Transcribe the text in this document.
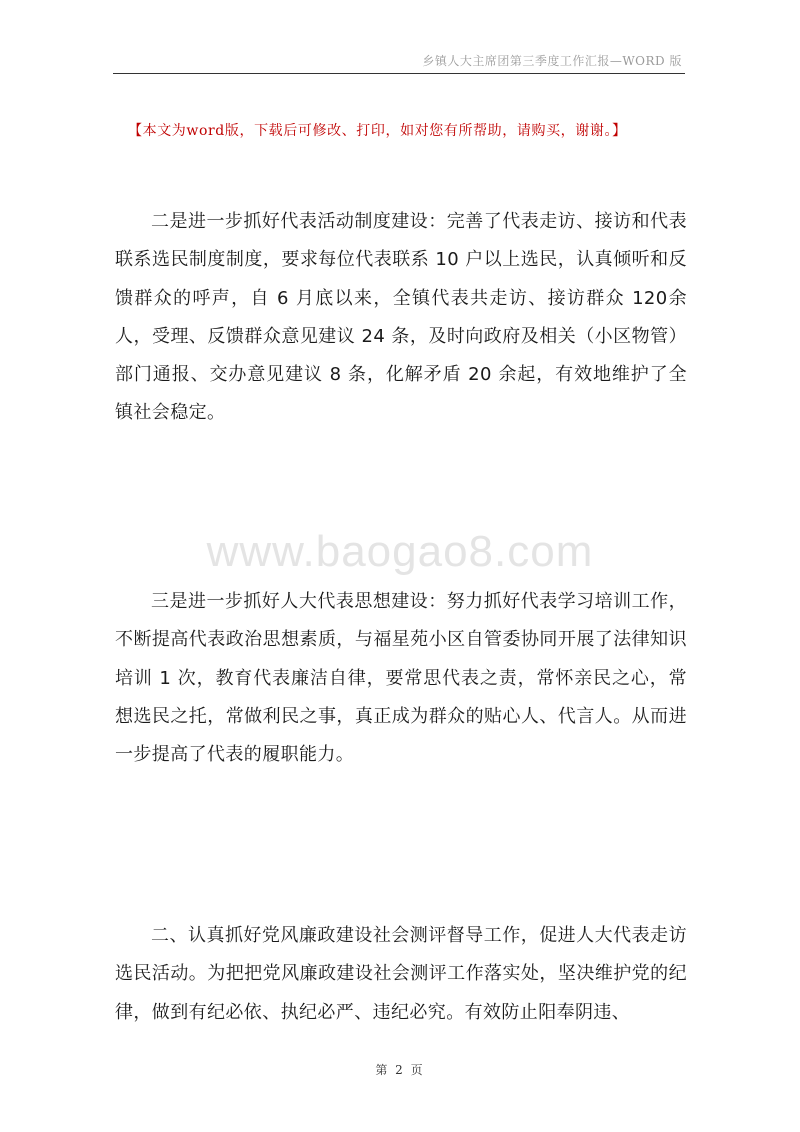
乡镇人大主席团第三季度工作汇报—WORD 版
【本文为word版，下载后可修改、打印，如对您有所帮助，请购买，谢谢。】

二是进一步抓好代表活动制度建设：完善了代表走访、接访和代表联系选民制度制度，要求每位代表联系 10 户以上选民，认真倾听和反馈群众的呼声，自 6 月底以来，全镇代表共走访、接访群众 120余人，受理、反馈群众意见建议 24 条，及时向政府及相关（小区物管）部门通报、交办意见建议 8 条，化解矛盾 20 余起，有效地维护了全镇社会稳定。

www.baogao8.com

三是进一步抓好人大代表思想建设：努力抓好代表学习培训工作，不断提高代表政治思想素质，与福星苑小区自管委协同开展了法律知识培训 1 次，教育代表廉洁自律，要常思代表之责，常怀亲民之心，常想选民之托，常做利民之事，真正成为群众的贴心人、代言人。从而进一步提高了代表的履职能力。

二、认真抓好党风廉政建设社会测评督导工作，促进人大代表走访选民活动。为把把党风廉政建设社会测评工作落实处，坚决维护党的纪律，做到有纪必依、执纪必严、违纪必究。有效防止阳奉阴违、

第 2 页
